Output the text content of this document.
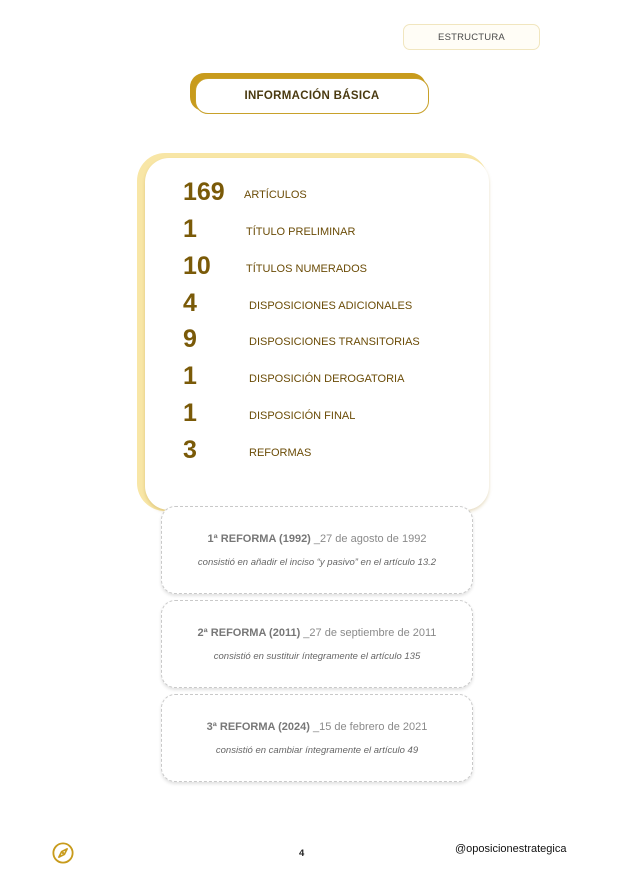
ESTRUCTURA
INFORMACIÓN BÁSICA
169 ARTÍCULOS
1	TÍTULO PRELIMINAR
10	TÍTULOS NUMERADOS
4	DISPOSICIONES ADICIONALES
9	DISPOSICIONES TRANSITORIAS
1	DISPOSICIÓN DEROGATORIA
1	DISPOSICIÓN FINAL
3	REFORMAS
1ª REFORMA (1992) _27 de agosto de 1992
consistió en añadir el inciso “y pasivo” en el artículo 13.2
2ª REFORMA (2011) _27 de septiembre de 2011
consistió en sustituir íntegramente el artículo 135
3ª REFORMA (2024) _15 de febrero de 2021
consistió en cambiar íntegramente el artículo 49
4	@oposicionestrategica
